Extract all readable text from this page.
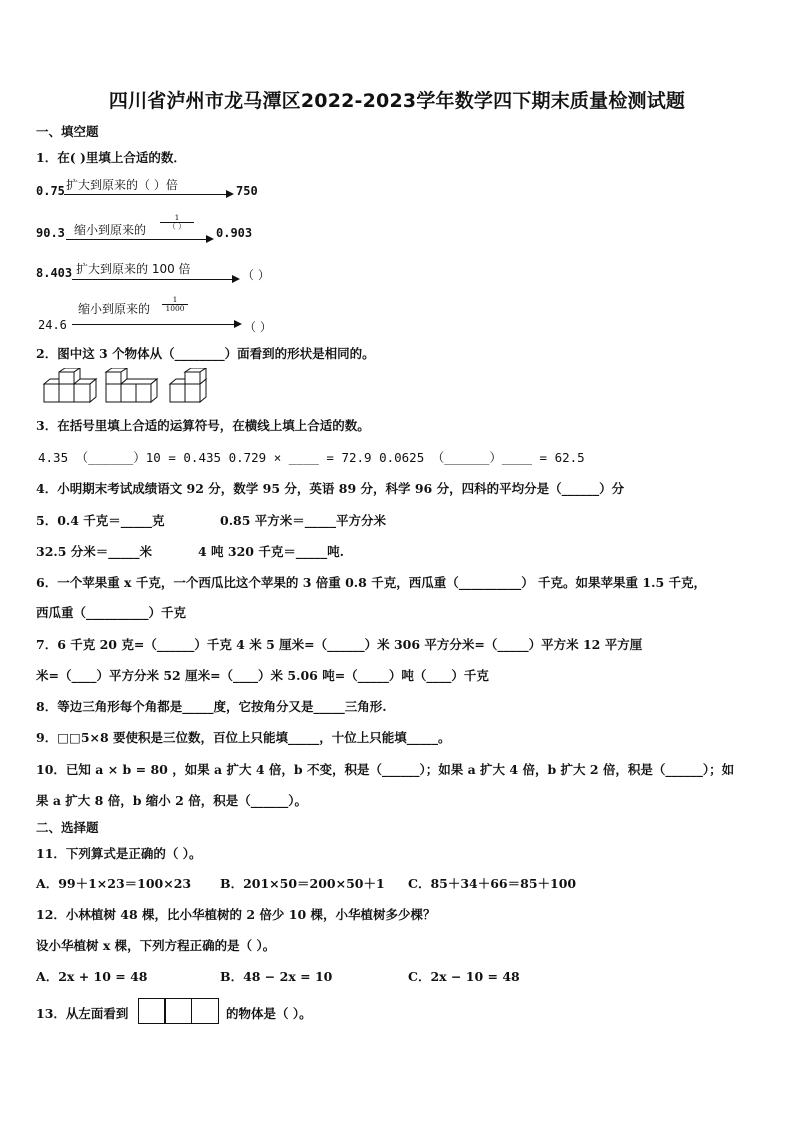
四川省泸州市龙马潭区2022-2023学年数学四下期末质量检测试题
一、填空题
1．在( )里填上合适的数．
0.75 扩大到原来的（ ）倍	750
90.3 缩小到原来的
1
（ ）	0.903
8.403 扩大到原来的 100 倍	（ ）
24.6
缩小到原来的 $\frac{1}{1000}$
（ ）
2．图中这 3 个物体从（________）面看到的形状是相同的。
3．在括号里填上合适的运算符号，在横线上填上合适的数。
4.35 （______）10 = 0.435 0.729 × ____ = 72.9 0.0625 （______）____ = 62.5
4．小明期末考试成绩语文 92 分，数学 95 分，英语 89 分，科学 96 分，四科的平均分是（______）分
5．0.4 千克＝_____克	0.85 平方米＝_____平方分米
32.5 分米＝_____米	4 吨 320 千克＝_____吨.
6．一个苹果重 x 千克，一个西瓜比这个苹果的 3 倍重 0.8 千克，西瓜重（__________） 千克。如果苹果重 1.5 千克，
西瓜重（__________）千克
7．6 千克 20 克=（______）千克 4 米 5 厘米=（______）米 306 平方分米=（_____）平方米 12 平方厘
米=（____）平方分米 52 厘米=（____）米 5.06 吨=（_____）吨（____）千克
8．等边三角形每个角都是_____度，它按角分又是_____三角形.
9．□□5×8 要使积是三位数，百位上只能填_____，十位上只能填_____。
10．已知 a × b = 80 ，如果 a 扩大 4 倍，b 不变，积是（______）；如果 a 扩大 4 倍，b 扩大 2 倍，积是（______）；如
果 a 扩大 8 倍，b 缩小 2 倍，积是（______）。
二、选择题
11．下列算式是正确的（ ）。
A．99＋1×23＝100×23 B．201×50＝200×50＋1 C．85＋34＋66＝85＋100
12．小林植树 48 棵，比小华植树的 2 倍少 10 棵，小华植树多少棵？
设小华植树 x 棵，下列方程正确的是（ ）。
A．2x + 10 = 48	B．48 − 2x = 10	C．2x − 10 = 48
13．从左面看到	的物体是（ ）。
